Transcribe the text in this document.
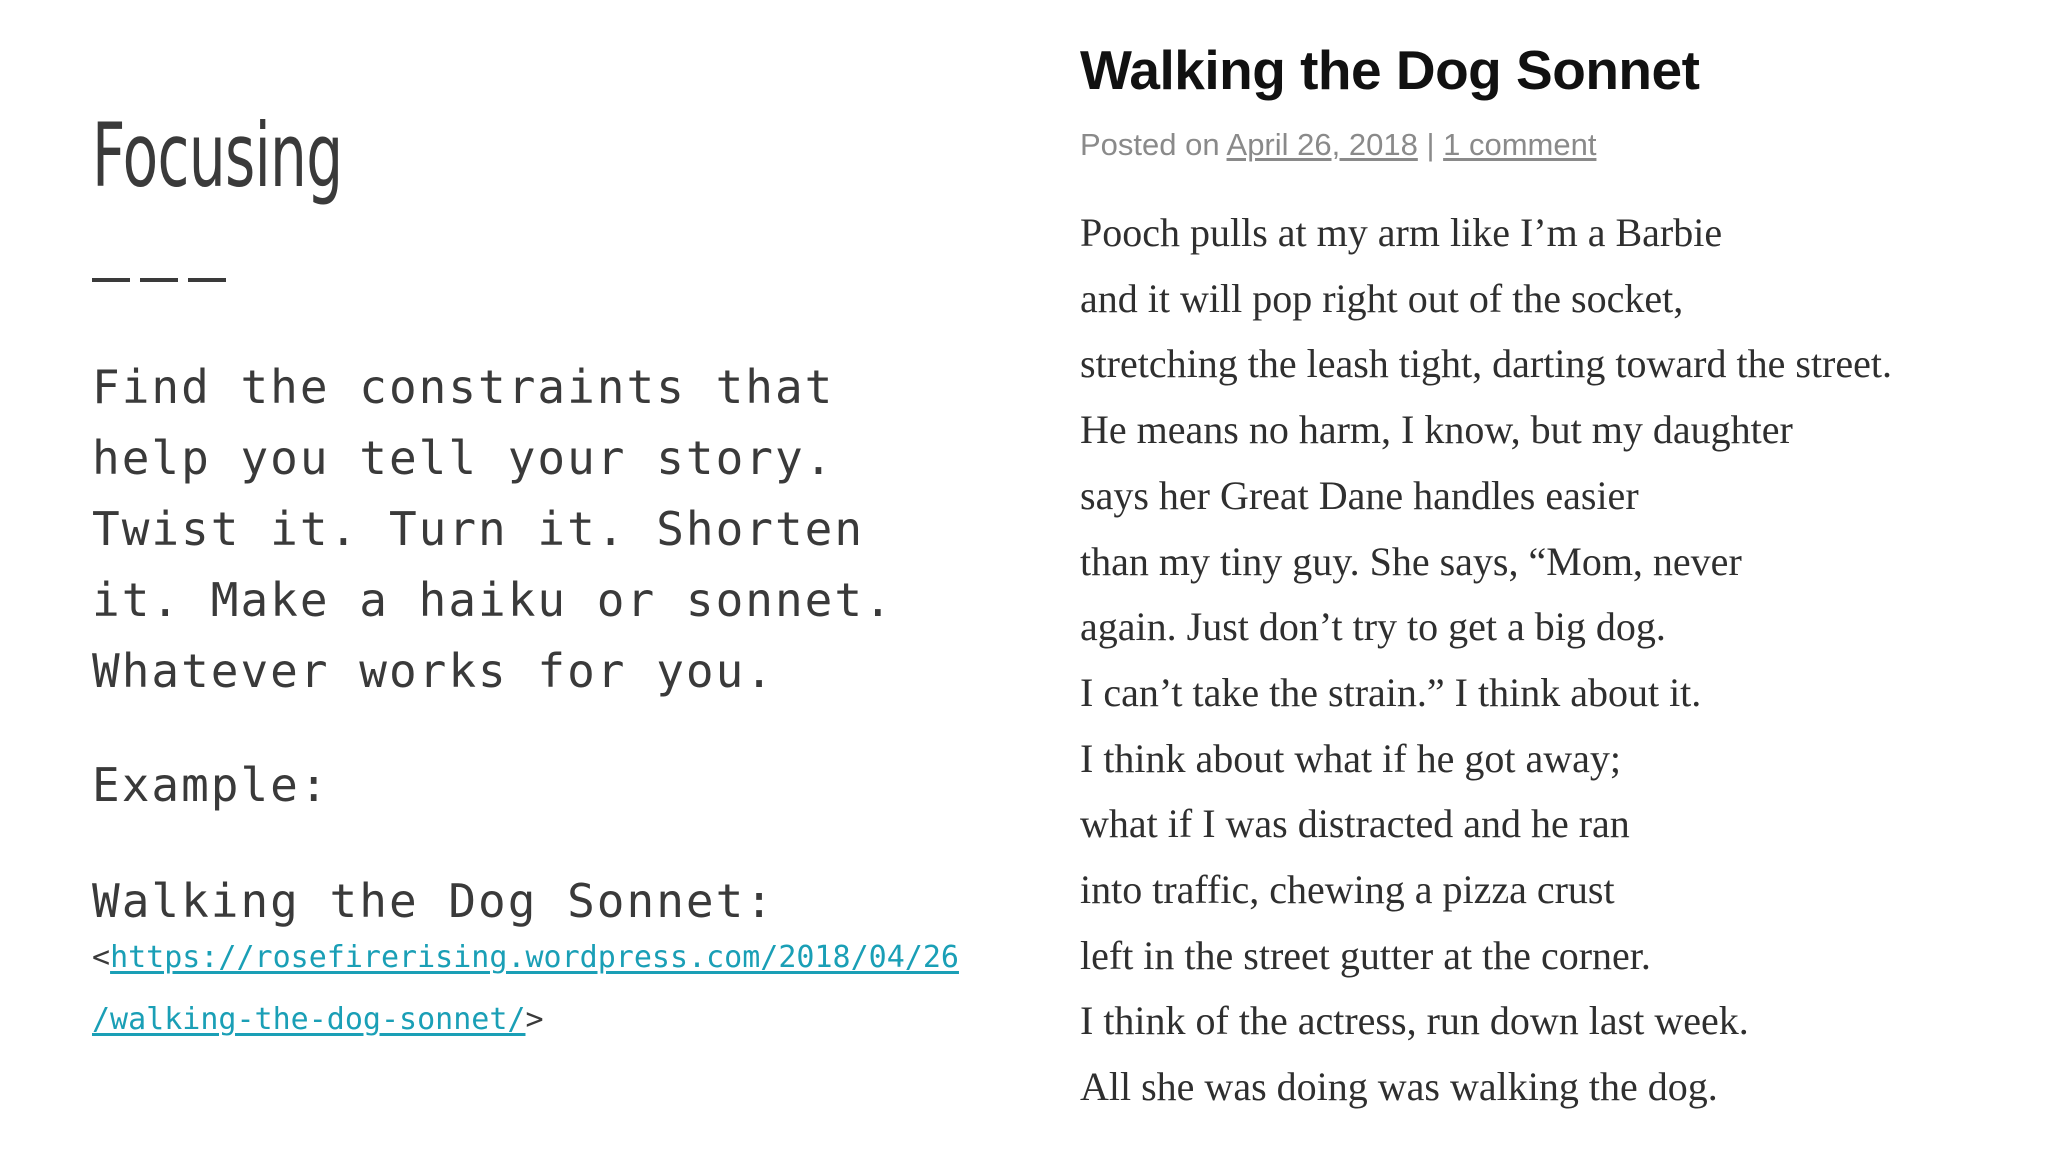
Focusing
Find the constraints that
help you tell your story.
Twist it. Turn it. Shorten
it. Make a haiku or sonnet.
Whatever works for you.
Example:
Walking the Dog Sonnet:
<https://rosefirerising.wordpress.com/2018/04/26
/walking-the-dog-sonnet/>
Walking the Dog Sonnet
Posted on April 26, 2018 | 1 comment
Pooch pulls at my arm like I’m a Barbie
and it will pop right out of the socket,
stretching the leash tight, darting toward the street.
He means no harm, I know, but my daughter
says her Great Dane handles easier
than my tiny guy. She says, “Mom, never
again. Just don’t try to get a big dog.
I can’t take the strain.” I think about it.
I think about what if he got away;
what if I was distracted and he ran
into traffic, chewing a pizza crust
left in the street gutter at the corner.
I think of the actress, run down last week.
All she was doing was walking the dog.
